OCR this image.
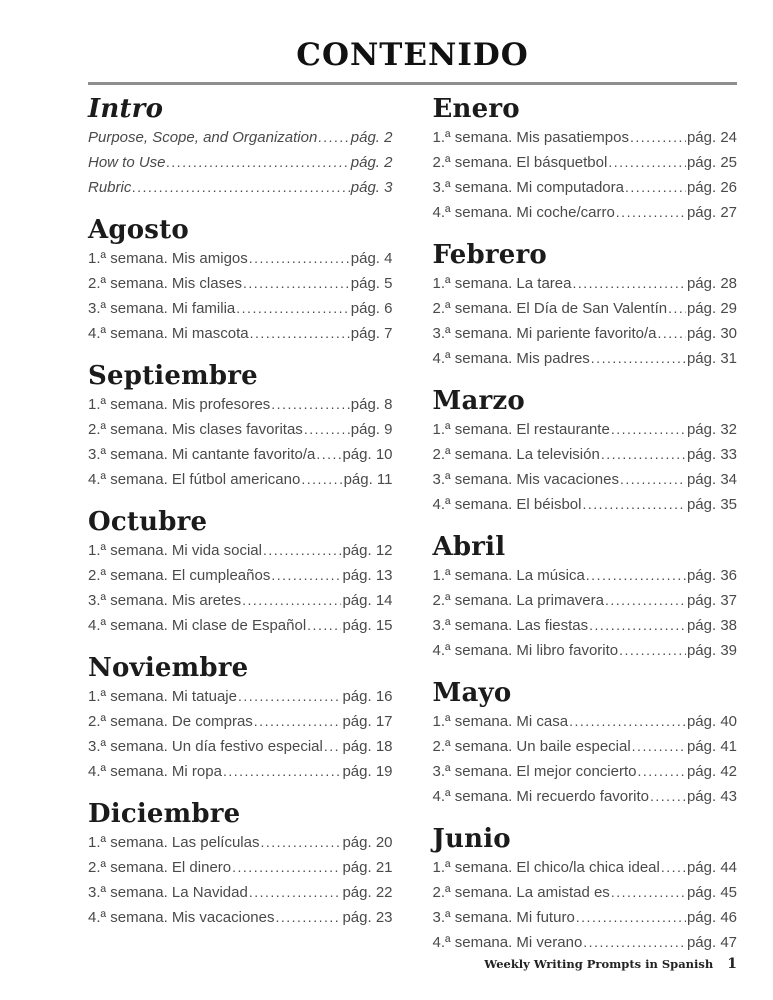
CONTENIDO
Intro
Purpose, Scope, and Organization ..... pág. 2
How to Use .....	pág. 2
Rubric .....	pág. 3
Agosto
1.ª semana. Mis amigos .....	pág. 4
2.ª semana. Mis clases .....	pág. 5
3.ª semana. Mi familia .....	pág. 6
4.ª semana. Mi mascota .....	pág. 7
Septiembre
1.ª semana. Mis profesores .....	pág. 8
2.ª semana. Mis clases favoritas .....	pág. 9
3.ª semana. Mi cantante favorito/a ..... pág. 10
4.ª semana. El fútbol americano .....	pág. 11
Octubre
1.ª semana. Mi vida social .....	pág. 12
2.ª semana. El cumpleaños .....	pág. 13
3.ª semana. Mis aretes .....	pág. 14
4.ª semana. Mi clase de Español ..... pág. 15
Noviembre
1.ª semana. Mi tatuaje .....	pág. 16
2.ª semana. De compras .....	pág. 17
3.ª semana. Un día festivo especial ..... pág. 18
4.ª semana. Mi ropa .....	pág. 19
Diciembre
1.ª semana. Las películas .....	pág. 20
2.ª semana. El dinero .....	pág. 21
3.ª semana. La Navidad .....	pág. 22
4.ª semana. Mis vacaciones .....	pág. 23
Enero
1.ª semana. Mis pasatiempos .....	pág. 24
2.ª semana. El básquetbol .....	pág. 25
3.ª semana. Mi computadora .....	pág. 26
4.ª semana. Mi coche/carro .....	pág. 27
Febrero
1.ª semana. La tarea .....	pág. 28
2.ª semana. El Día de San Valentín ..... pág. 29
3.ª semana. Mi pariente favorito/a ..... pág. 30
4.ª semana. Mis padres .....	pág. 31
Marzo
1.ª semana. El restaurante .....	pág. 32
2.ª semana. La televisión .....	pág. 33
3.ª semana. Mis vacaciones .....	pág. 34
4.ª semana. El béisbol .....	pág. 35
Abril
1.ª semana. La música .....	pág. 36
2.ª semana. La primavera .....	pág. 37
3.ª semana. Las fiestas .....	pág. 38
4.ª semana. Mi libro favorito .....	pág. 39
Mayo
1.ª semana. Mi casa .....	pág. 40
2.ª semana. Un baile especial .....	pág. 41
3.ª semana. El mejor concierto .....	pág. 42
4.ª semana. Mi recuerdo favorito .....	pág. 43
Junio
1.ª semana. El chico/la chica ideal ..... pág. 44
2.ª semana. La amistad es .....	pág. 45
3.ª semana. Mi futuro .....	pág. 46
4.ª semana. Mi verano .....	pág. 47
Weekly Writing Prompts in Spanish 1
